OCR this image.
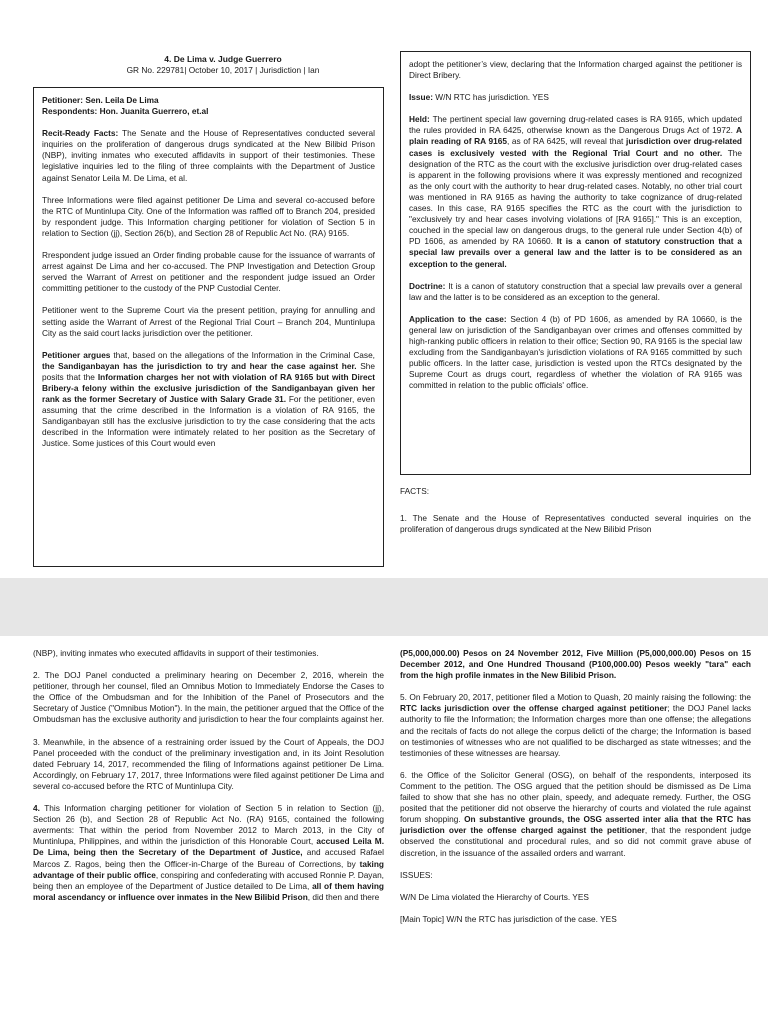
4. De Lima v. Judge Guerrero
GR No. 229781| October 10, 2017 | Jurisdiction | Ian

Petitioner: Sen. Leila De Lima

Respondents: Hon. Juanita Guerrero, et.al

Recit-Ready Facts: The Senate and the House of Representatives conducted several inquiries on the proliferation of dangerous drugs syndicated at the New Bilibid Prison (NBP), inviting inmates who executed affidavits in support of their testimonies. These legislative inquiries led to the filing of three complaints with the Department of Justice against Senator Leila M. De Lima, et al.

Three Informations were filed against petitioner De Lima and several co-accused before the RTC of Muntinlupa City. One of the Information was raffled off to Branch 204, presided by respondent judge. This Information charging petitioner for violation of Section 5 in relation to Section (jj), Section 26(b), and Section 28 of Republic Act No. (RA) 9165.

Rrespondent judge issued an Order finding probable cause for the issuance of warrants of arrest against De Lima and her co-accused. The PNP Investigation and Detection Group served the Warrant of Arrest on petitioner and the respondent judge issued an Order committing petitioner to the custody of the PNP Custodial Center.

Petitioner went to the Supreme Court via the present petition, praying for annulling and setting aside the Warrant of Arrest of the Regional Trial Court – Branch 204, Muntinlupa City as the said court lacks jurisdiction over the petitioner.

Petitioner argues that, based on the allegations of the Information in the Criminal Case, the Sandiganbayan has the jurisdiction to try and hear the case against her. She posits that the Information charges her not with violation of RA 9165 but with Direct Bribery-a felony within the exclusive jurisdiction of the Sandiganbayan given her rank as the former Secretary of Justice with Salary Grade 31. For the petitioner, even assuming that the crime described in the Information is a violation of RA 9165, the Sandiganbayan still has the exclusive jurisdiction to try the case considering that the acts described in the Information were intimately related to her position as the Secretary of Justice. Some justices of this Court would even

adopt the petitioner’s view, declaring that the Information charged against the petitioner is Direct Bribery.

Issue: W/N RTC has jurisdiction. YES

Held: The pertinent special law governing drug-related cases is RA 9165, which updated the rules provided in RA 6425, otherwise known as the Dangerous Drugs Act of 1972. A plain reading of RA 9165, as of RA 6425, will reveal that jurisdiction over drug-related cases is exclusively vested with the Regional Trial Court and no other. The designation of the RTC as the court with the exclusive jurisdiction over drug-related cases is apparent in the following provisions where it was expressly mentioned and recognized as the only court with the authority to hear drug-related cases. Notably, no other trial court was mentioned in RA 9165 as having the authority to take cognizance of drug-related cases. In this case, RA 9165 specifies the RTC as the court with the jurisdiction to "exclusively try and hear cases involving violations of [RA 9165]." This is an exception, couched in the special law on dangerous drugs, to the general rule under Section 4(b) of PD 1606, as amended by RA 10660. It is a canon of statutory construction that a special law prevails over a general law and the latter is to be considered as an exception to the general.

Doctrine: It is a canon of statutory construction that a special law prevails over a general law and the latter is to be considered as an exception to the general.

Application to the case: Section 4 (b) of PD 1606, as amended by RA 10660, is the general law on jurisdiction of the Sandiganbayan over crimes and offenses committed by high-ranking public officers in relation to their office; Section 90, RA 9165 is the special law excluding from the Sandiganbayan's jurisdiction violations of RA 9165 committed by such public officers. In the latter case, jurisdiction is vested upon the RTCs designated by the Supreme Court as drugs court, regardless of whether the violation of RA 9165 was committed in relation to the public officials' office.

FACTS:

1. The Senate and the House of Representatives conducted several inquiries on the proliferation of dangerous drugs syndicated at the New Bilibid Prison

(NBP), inviting inmates who executed affidavits in support of their testimonies.

2. The DOJ Panel conducted a preliminary hearing on December 2, 2016, wherein the petitioner, through her counsel, filed an Omnibus Motion to Immediately Endorse the Cases to the Office of the Ombudsman and for the Inhibition of the Panel of Prosecutors and the Secretary of Justice ("Omnibus Motion"). In the main, the petitioner argued that the Office of the Ombudsman has the exclusive authority and jurisdiction to hear the four complaints against her.

3. Meanwhile, in the absence of a restraining order issued by the Court of Appeals, the DOJ Panel proceeded with the conduct of the preliminary investigation and, in its Joint Resolution dated February 14, 2017, recommended the filing of Informations against petitioner De Lima. Accordingly, on February 17, 2017, three Informations were filed against petitioner De Lima and several co-accused before the RTC of Muntinlupa City.

4. This Information charging petitioner for violation of Section 5 in relation to Section (jj), Section 26 (b), and Section 28 of Republic Act No. (RA) 9165, contained the following averments: That within the period from November 2012 to March 2013, in the City of Muntinlupa, Philippines, and within the jurisdiction of this Honorable Court, accused Leila M. De Lima, being then the Secretary of the Department of Justice, and accused Rafael Marcos Z. Ragos, being then the Officer-in-Charge of the Bureau of Corrections, by taking advantage of their public office, conspiring and confederating with accused Ronnie P. Dayan, being then an employee of the Department of Justice detailed to De Lima, all of them having moral ascendancy or influence over inmates in the New Bilibid Prison, did then and there

(P5,000,000.00) Pesos on 24 November 2012, Five Million (P5,000,000.00) Pesos on 15 December 2012, and One Hundred Thousand (P100,000.00) Pesos weekly "tara" each from the high profile inmates in the New Bilibid Prison.

5. On February 20, 2017, petitioner filed a Motion to Quash, 20 mainly raising the following: the RTC lacks jurisdiction over the offense charged against petitioner; the DOJ Panel lacks authority to file the Information; the Information charges more than one offense; the allegations and the recitals of facts do not allege the corpus delicti of the charge; the Information is based on testimonies of witnesses who are not qualified to be discharged as state witnesses; and the testimonies of these witnesses are hearsay.

6. the Office of the Solicitor General (OSG), on behalf of the respondents, interposed its Comment to the petition. The OSG argued that the petition should be dismissed as De Lima failed to show that she has no other plain, speedy, and adequate remedy. Further, the OSG posited that the petitioner did not observe the hierarchy of courts and violated the rule against forum shopping. On substantive grounds, the OSG asserted inter alia that the RTC has jurisdiction over the offense charged against the petitioner, that the respondent judge observed the constitutional and procedural rules, and so did not commit grave abuse of discretion, in the issuance of the assailed orders and warrant.

ISSUES:

W/N De Lima violated the Hierarchy of Courts. YES

[Main Topic] W/N the RTC has jurisdiction of the case. YES
